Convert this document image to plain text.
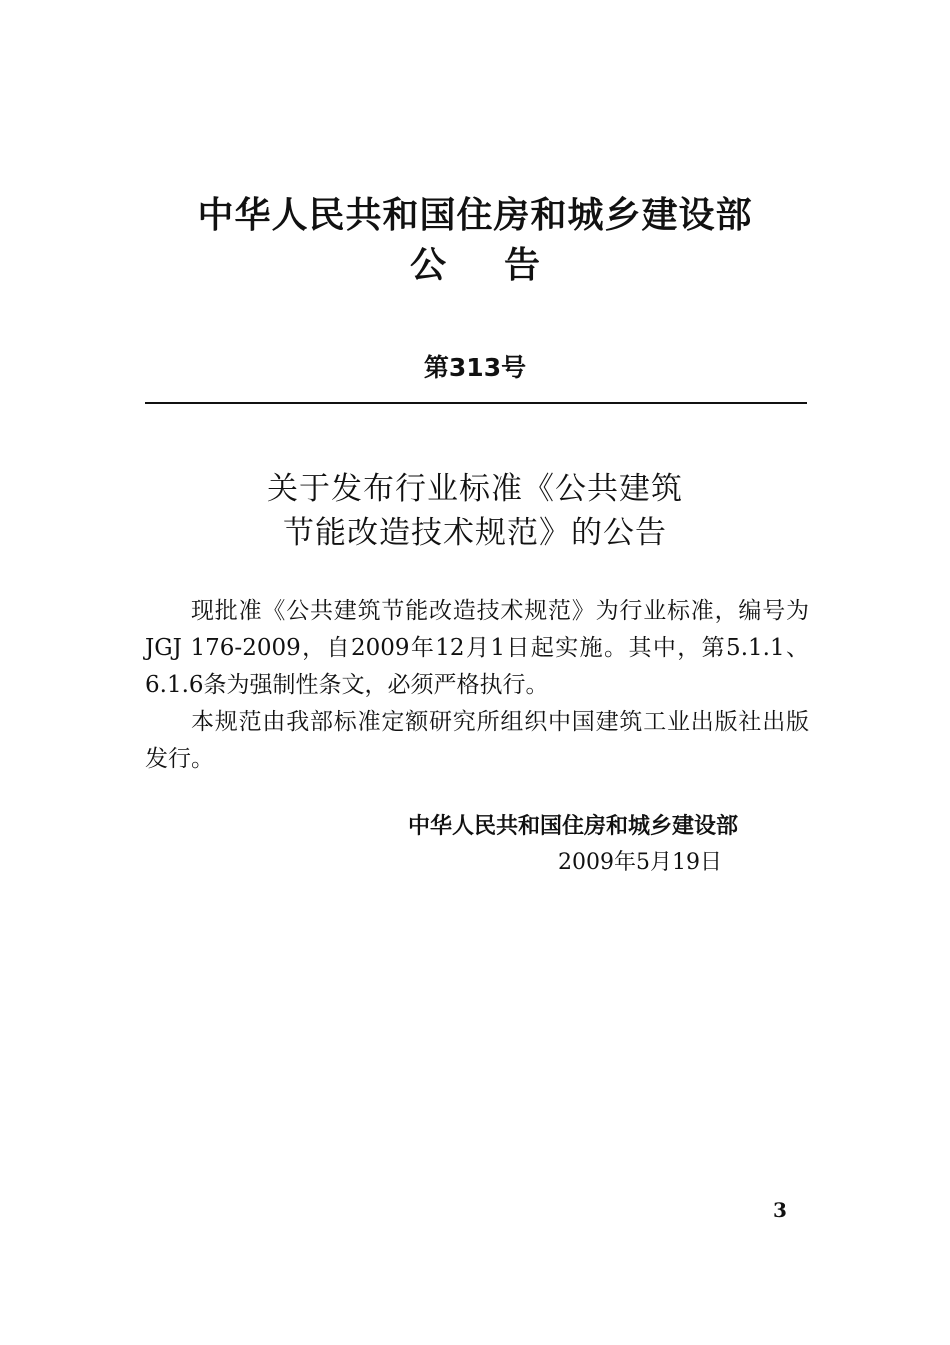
中华人民共和国住房和城乡建设部
公 告
第313号
关于发布行业标准《公共建筑
节能改造技术规范》的公告

现批准《公共建筑节能改造技术规范》为行业标准，编号为JGJ 176-2009，自2009年12月1日起实施。其中，第5.1.1、6.1.6条为强制性条文，必须严格执行。

本规范由我部标准定额研究所组织中国建筑工业出版社出版发行。

中华人民共和国住房和城乡建设部
2009年5月19日
3
